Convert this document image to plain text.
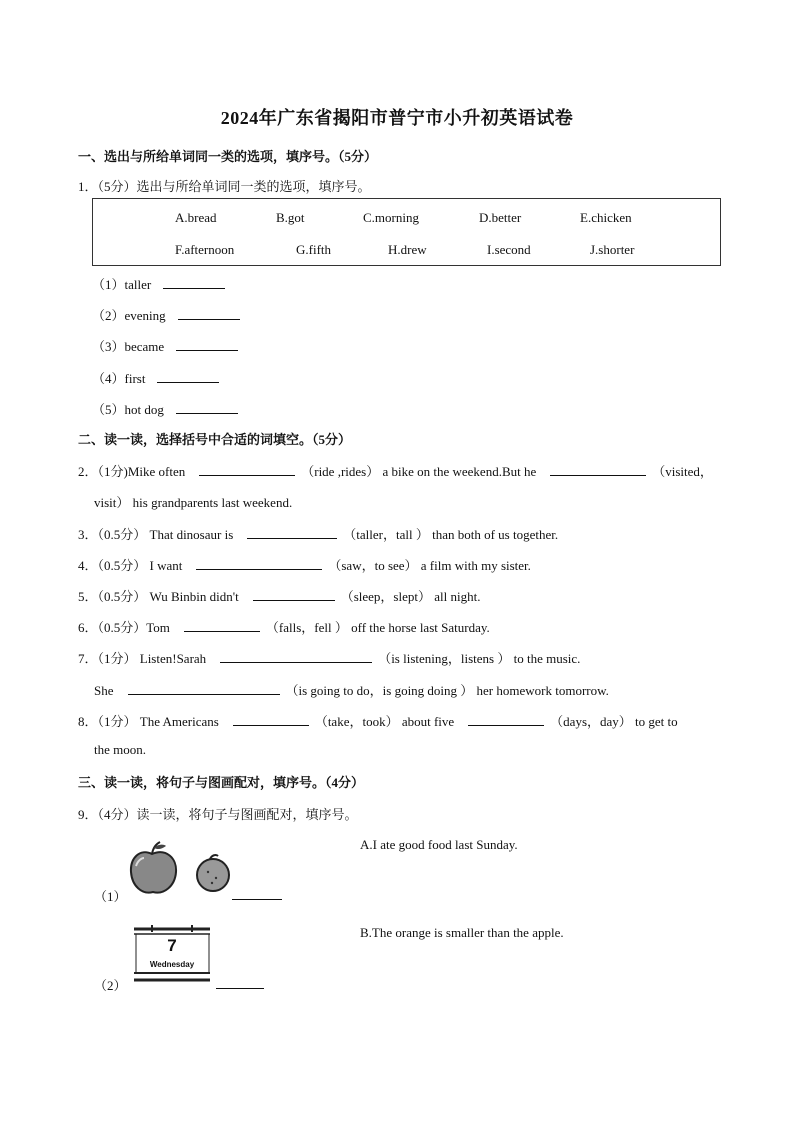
2024年广东省揭阳市普宁市小升初英语试卷
一、选出与所给单词同一类的选项，填序号。（5分）
1．（5分）选出与所给单词同一类的选项，填序号。
A.bread	B.got	C.morning	D.better	E.chicken
F.afternoon	G.fifth	H.drew	I.second	J.shorter
（1）taller
（2）evening
（3）became
（4）first
（5）hot dog
二、读一读，选择括号中合适的词填空。（5分）
2．（1分)Mike often	（ride ,rides） a bike on the weekend.But he	（visited，
visit） his grandparents last weekend.
3．（0.5分） That dinosaur is	（taller，tall ） than both of us together.
4．（0.5分） I want	（saw，to see） a film with my sister.
5．（0.5分） Wu Binbin didn't	（sleep，slept） all night.
6．（0.5分）Tom	（falls，fell ） off the horse last Saturday.
7．（1分） Listen!Sarah	（is listening，listens ） to the music.
She	（is going to do，is going doing ） her homework tomorrow.
8．（1分） The Americans	（take，took） about five	（days，day） to get to
the moon.
三、读一读，将句子与图画配对，填序号。（4分）
9．（4分）读一读，将句子与图画配对，填序号。
A.I ate good food last Sunday.
B.The orange is smaller than the apple.
（1）
（2）
7
Wednesday
